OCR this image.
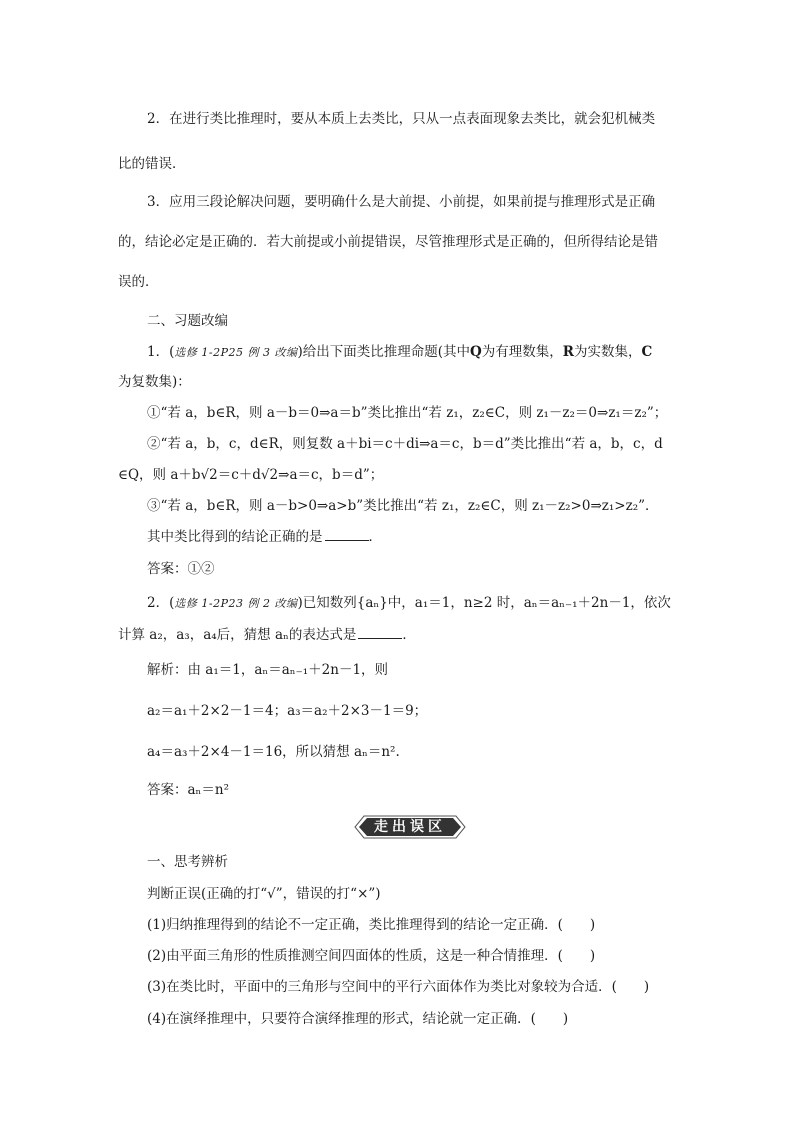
2．在进行类比推理时，要从本质上去类比，只从一点表面现象去类比，就会犯机械类
比的错误．
3．应用三段论解决问题，要明确什么是大前提、小前提，如果前提与推理形式是正确
的，结论必定是正确的．若大前提或小前提错误，尽管推理形式是正确的，但所得结论是错
误的．
二、习题改编
1．(选修 1-2P25 例 3 改编)给出下面类比推理命题(其中Q为有理数集，R为实数集，C
为复数集)：
①“若 a，b∈R，则 a－b＝0⇒a＝b”类比推出“若 z₁，z₂∈C，则 z₁－z₂＝0⇒z₁＝z₂”；
②“若 a，b，c，d∈R，则复数 a＋bi＝c＋di⇒a＝c，b＝d”类比推出“若 a，b，c，d
∈Q，则 a＋b√2＝c＋d√2⇒a＝c，b＝d”；
③“若 a，b∈R，则 a－b>0⇒a>b”类比推出“若 z₁，z₂∈C，则 z₁－z₂>0⇒z₁>z₂”．
其中类比得到的结论正确的是	．
答案：①②
2．(选修 1-2P23 例 2 改编)已知数列{aₙ}中，a₁＝1，n≥2 时，aₙ＝aₙ₋₁＋2n－1，依次
计算 a₂，a₃，a₄后，猜想 aₙ的表达式是	．
解析：由 a₁＝1，aₙ＝aₙ₋₁＋2n－1，则
a₂＝a₁＋2×2－1＝4；a₃＝a₂＋2×3－1＝9；
a₄＝a₃＋2×4－1＝16，所以猜想 aₙ＝n².
答案：aₙ＝n²
走出误区
一、思考辨析
判断正误(正确的打“√”，错误的打“×”)
(1)归纳推理得到的结论不一定正确，类比推理得到的结论一定正确．(　　)
(2)由平面三角形的性质推测空间四面体的性质，这是一种合情推理．(　　)
(3)在类比时，平面中的三角形与空间中的平行六面体作为类比对象较为合适．(　　)
(4)在演绎推理中，只要符合演绎推理的形式，结论就一定正确．(　　)
